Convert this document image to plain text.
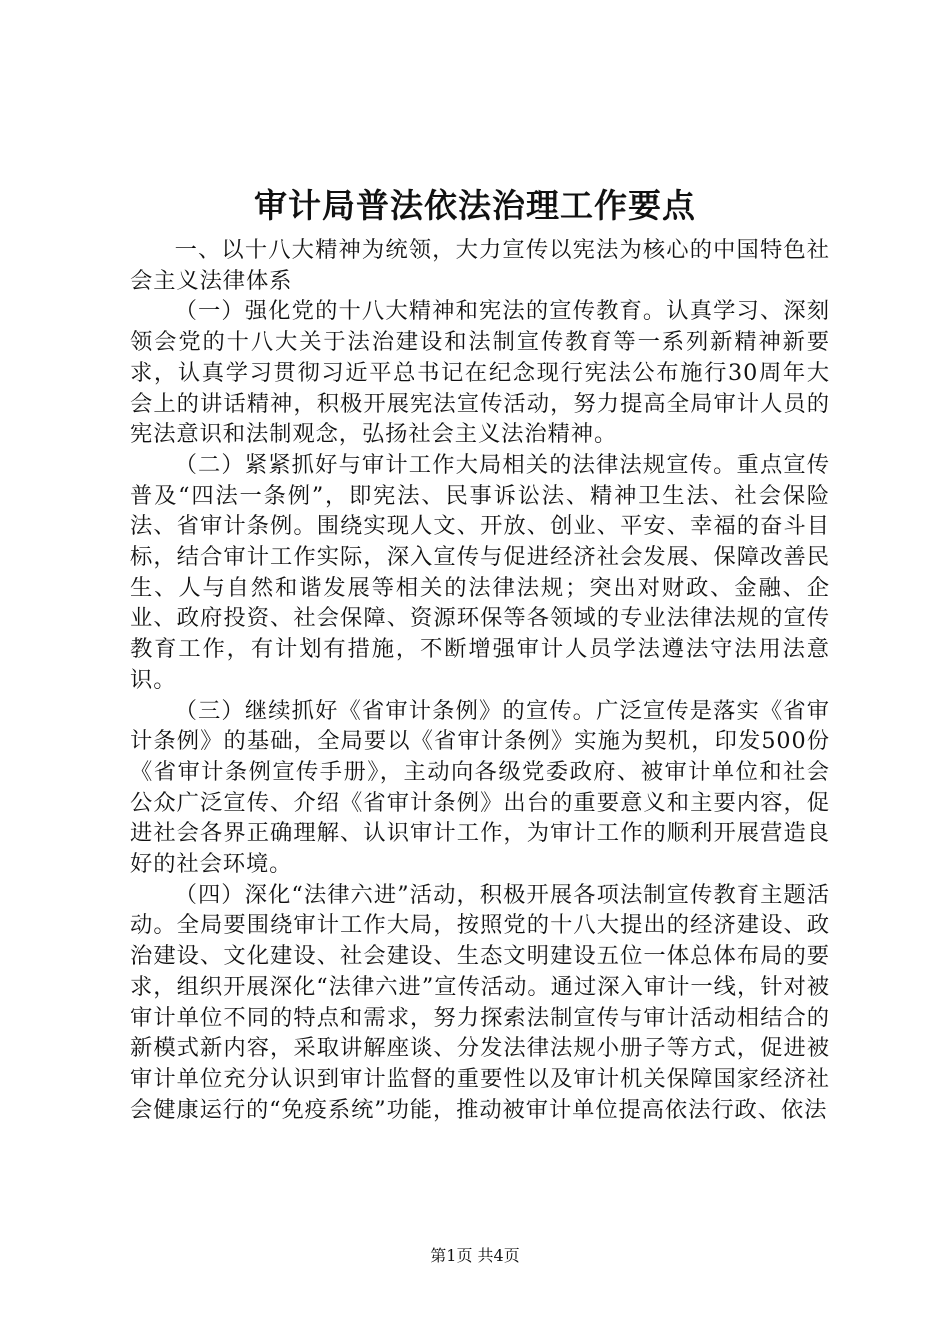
审计局普法依法治理工作要点

一、以十八大精神为统领，大力宣传以宪法为核心的中国特色社会主义法律体系

（一）强化党的十八大精神和宪法的宣传教育。认真学习、深刻领会党的十八大关于法治建设和法制宣传教育等一系列新精神新要求，认真学习贯彻习近平总书记在纪念现行宪法公布施行30周年大会上的讲话精神，积极开展宪法宣传活动，努力提高全局审计人员的宪法意识和法制观念，弘扬社会主义法治精神。

（二）紧紧抓好与审计工作大局相关的法律法规宣传。重点宣传普及“四法一条例”，即宪法、民事诉讼法、精神卫生法、社会保险法、省审计条例。围绕实现人文、开放、创业、平安、幸福的奋斗目标，结合审计工作实际，深入宣传与促进经济社会发展、保障改善民生、人与自然和谐发展等相关的法律法规；突出对财政、金融、企业、政府投资、社会保障、资源环保等各领域的专业法律法规的宣传教育工作，有计划有措施，不断增强审计人员学法遵法守法用法意识。

（三）继续抓好《省审计条例》的宣传。广泛宣传是落实《省审计条例》的基础，全局要以《省审计条例》实施为契机，印发500份《省审计条例宣传手册》，主动向各级党委政府、被审计单位和社会公众广泛宣传、介绍《省审计条例》出台的重要意义和主要内容，促进社会各界正确理解、认识审计工作，为审计工作的顺利开展营造良好的社会环境。

（四）深化“法律六进”活动，积极开展各项法制宣传教育主题活动。全局要围绕审计工作大局，按照党的十八大提出的经济建设、政治建设、文化建设、社会建设、生态文明建设五位一体总体布局的要求，组织开展深化“法律六进”宣传活动。通过深入审计一线，针对被审计单位不同的特点和需求，努力探索法制宣传与审计活动相结合的新模式新内容，采取讲解座谈、分发法律法规小册子等方式，促进被审计单位充分认识到审计监督的重要性以及审计机关保障国家经济社会健康运行的“免疫系统”功能，推动被审计单位提高依法行政、依法

第1页 共4页
